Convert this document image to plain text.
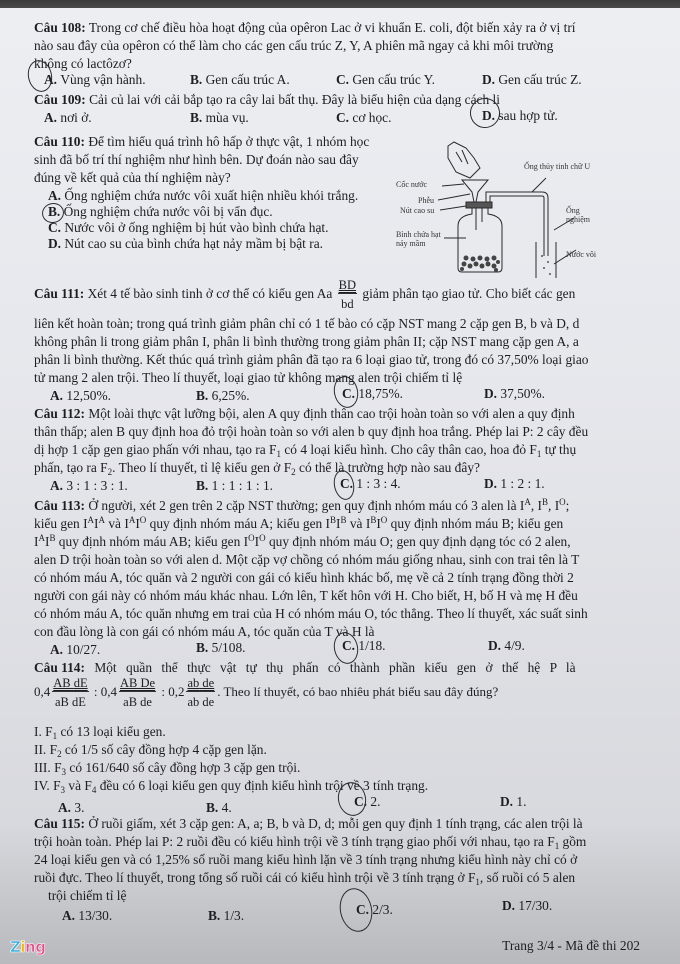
Câu 108: Trong cơ chế điều hòa hoạt động của opêron Lac ở vi khuẩn E. coli, đột biến xảy ra ở vị trí
nào sau đây của opêron có thể làm cho các gen cấu trúc Z, Y, A phiên mã ngay cả khi môi trường
không có lactôzơ?
A. Vùng vận hành.	B. Gen cấu trúc A.	C. Gen cấu trúc Y.	D. Gen cấu trúc Z.
Câu 109: Cải củ lai với cải bắp tạo ra cây lai bất thụ. Đây là biểu hiện của dạng cách li
A. nơi ở.	B. mùa vụ.	C. cơ học.	D. sau hợp tử.
Câu 110: Để tìm hiểu quá trình hô hấp ở thực vật, 1 nhóm học
sinh đã bố trí thí nghiệm như hình bên. Dự đoán nào sau đây
đúng về kết quả của thí nghiệm này?
A. Ống nghiệm chứa nước vôi xuất hiện nhiều khói trắng.
B. Ống nghiệm chứa nước vôi bị vẩn đục.
C. Nước vôi ở ống nghiệm bị hút vào bình chứa hạt.
D. Nút cao su của bình chứa hạt nảy mầm bị bật ra.
Cốc nước
Phễu
Nút cao su
Bình chứa hạt
nảy mầm
Ống thủy tinh chữ U
Ống
nghiệm
Nước vôi
Câu 111: Xét 4 tế bào sinh tinh ở cơ thể có kiểu gen Aa $\frac{BD}{bd}$ giảm phân tạo giao tử. Cho biết các gen
liên kết hoàn toàn; trong quá trình giảm phân chỉ có 1 tế bào có cặp NST mang 2 cặp gen B, b và D, d
không phân li trong giảm phân I, phân li bình thường trong giảm phân II; cặp NST mang cặp gen A, a
phân li bình thường. Kết thúc quá trình giảm phân đã tạo ra 6 loại giao tử, trong đó có 37,50% loại giao
tử mang 2 alen trội. Theo lí thuyết, loại giao tử không mang alen trội chiếm tỉ lệ
A. 12,50%.	B. 6,25%.	C. 18,75%.	D. 37,50%.
Câu 112: Một loài thực vật lưỡng bội, alen A quy định thân cao trội hoàn toàn so với alen a quy định
thân thấp; alen B quy định hoa đỏ trội hoàn toàn so với alen b quy định hoa trắng. Phép lai P: 2 cây đều
dị hợp 1 cặp gen giao phấn với nhau, tạo ra $F_1$ có 4 loại kiểu hình. Cho cây thân cao, hoa đỏ $F_1$ tự thụ
phấn, tạo ra $F_2$. Theo lí thuyết, tỉ lệ kiểu gen ở $F_2$ có thể là trường hợp nào sau đây?
A. 3 : 1 : 3 : 1.	B. 1 : 1 : 1 : 1.	C. 1 : 3 : 4.	D. 1 : 2 : 1.
Câu 113: Ở người, xét 2 gen trên 2 cặp NST thường; gen quy định nhóm máu có 3 alen là $I^A$, $I^B$, $I^O$;
kiểu gen $I^AI^A$ và $I^AI^O$ quy định nhóm máu A; kiểu gen $I^BI^B$ và $I^BI^O$ quy định nhóm máu B; kiểu gen
$I^AI^B$ quy định nhóm máu AB; kiểu gen $I^OI^O$ quy định nhóm máu O; gen quy định dạng tóc có 2 alen,
alen D trội hoàn toàn so với alen d. Một cặp vợ chồng có nhóm máu giống nhau, sinh con trai tên là T
có nhóm máu A, tóc quăn và 2 người con gái có kiểu hình khác bố, mẹ về cả 2 tính trạng đồng thời 2
người con gái này có nhóm máu khác nhau. Lớn lên, T kết hôn với H. Cho biết, H, bố H và mẹ H đều
có nhóm máu A, tóc quăn nhưng em trai của H có nhóm máu O, tóc thẳng. Theo lí thuyết, xác suất sinh
con đầu lòng là con gái có nhóm máu A, tóc quăn của T và H là
A. 10/27.	B. 5/108.	C. 1/18.	D. 4/9.
Câu 114: Một quần thể thực vật tự thụ phấn có thành phần kiểu gen ở thế hệ P là
$0,4 \frac{\text{AB dE}}{\text{aB dE}}$ : $0,4 \frac{\text{AB De}}{\text{aB de}}$ : $0,2 \frac{\text{ab de}}{\text{ab de}}$ . Theo lí thuyết, có bao nhiêu phát biểu sau đây đúng?
I. $F_1$ có 13 loại kiểu gen.
II. $F_2$ có 1/5 số cây đồng hợp 4 cặp gen lặn.
III. $F_3$ có 161/640 số cây đồng hợp 3 cặp gen trội.
IV. $F_3$ và $F_4$ đều có 6 loại kiểu gen quy định kiểu hình trội về 3 tính trạng.
A. 3.	B. 4.	C. 2.	D. 1.
Câu 115: Ở ruồi giấm, xét 3 cặp gen: A, a; B, b và D, d; mỗi gen quy định 1 tính trạng, các alen trội là
trội hoàn toàn. Phép lai P: 2 ruồi đều có kiểu hình trội về 3 tính trạng giao phối với nhau, tạo ra $F_1$ gồm
24 loại kiểu gen và có 1,25% số ruồi mang kiểu hình lặn về 3 tính trạng nhưng kiểu hình này chỉ có ở
ruồi đực. Theo lí thuyết, trong tổng số ruồi cái có kiểu hình trội về 3 tính trạng ở $F_1$, số ruồi có 5 alen
trội chiếm tỉ lệ
A. 13/30.	B. 1/3.	C. 2/3.	D. 17/30.
Trang 3/4 - Mã đề thi 202
Zing
